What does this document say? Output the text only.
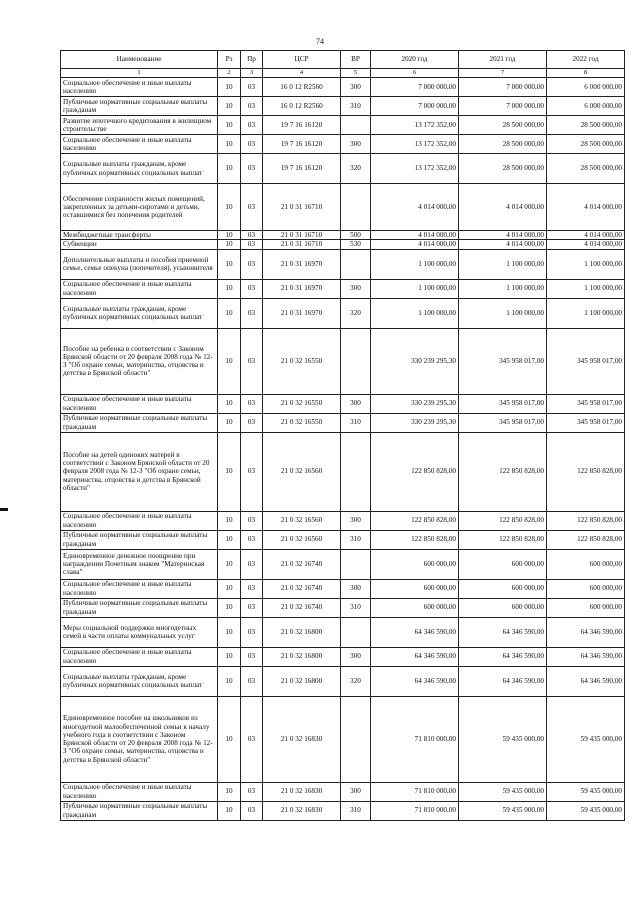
74
Наименование	Рз	Пр	ЦСР	ВР	2020 год	2021 год	2022 год
1	2	3	4	5	6	7	8
Социальное обеспечение и иные выплаты населению	10	03	16 0 12 R2560	300	7 000 000,00	7 000 000,00	6 000 000,00
Публичные нормативные социальные выплаты гражданам	10	03	16 0 12 R2560	310	7 000 000,00	7 000 000,00	6 000 000,00
Развитие ипотечного кредитования в жилищном строительстве	10	03	19 7 16 16120		13 172 352,00	28 500 000,00	28 500 000,00
Социальное обеспечение и иные выплаты населению	10	03	19 7 16 16120	300	13 172 352,00	28 500 000,00	28 500 000,00
Социальные выплаты гражданам, кроме публичных нормативных социальных выплат	10	03	19 7 16 16120	320	13 172 352,00	28 500 000,00	28 500 000,00
Обеспечение сохранности жилых помещений, закрепленных за детьми-сиротами и детьми, оставшимися без попечения родителей	10	03	21 0 31 16710		4 014 000,00	4 014 000,00	4 014 000,00
Межбюджетные трансферты	10	03	21 0 31 16710	500	4 014 000,00	4 014 000,00	4 014 000,00
Субвенции	10	03	21 0 31 16710	530	4 014 000,00	4 014 000,00	4 014 000,00
Дополнительные выплаты и пособия приемной семье, семье опекуна (попечителя), усыновителя	10	03	21 0 31 16970		1 100 000,00	1 100 000,00	1 100 000,00
Социальное обеспечение и иные выплаты населению	10	03	21 0 31 16970	300	1 100 000,00	1 100 000,00	1 100 000,00
Социальные выплаты гражданам, кроме публичных нормативных социальных выплат	10	03	21 0 31 16970	320	1 100 000,00	1 100 000,00	1 100 000,00
Пособие на ребенка в соответствии с Законом Брянской области от 20 февраля 2008 года № 12-З "Об охране семьи, материнства, отцовства и детства в Брянской области"	10	03	21 0 32 16550		330 239 295,30	345 958 017,00	345 958 017,00
Социальное обеспечение и иные выплаты населению	10	03	21 0 32 16550	300	330 239 295,30	345 958 017,00	345 958 017,00
Публичные нормативные социальные выплаты гражданам	10	03	21 0 32 16550	310	330 239 295,30	345 958 017,00	345 958 017,00
Пособие на детей одиноких матерей в соответствии с Законом Брянской области от 20 февраля 2008 года № 12-З "Об охране семьи, материнства, отцовства и детства в Брянской области"	10	03	21 0 32 16560		122 850 828,00	122 850 828,00	122 850 828,00
Социальное обеспечение и иные выплаты населению	10	03	21 0 32 16560	300	122 850 828,00	122 850 828,00	122 850 828,00
Публичные нормативные социальные выплаты гражданам	10	03	21 0 32 16560	310	122 850 828,00	122 850 828,00	122 850 828,00
Единовременное денежное поощрение при награждении Почетным знаком "Материнская слава"	10	03	21 0 32 16740		600 000,00	600 000,00	600 000,00
Социальное обеспечение и иные выплаты населению	10	03	21 0 32 16740	300	600 000,00	600 000,00	600 000,00
Публичные нормативные социальные выплаты гражданам	10	03	21 0 32 16740	310	600 000,00	600 000,00	600 000,00
Меры социальной поддержки многодетных семей в части оплаты коммунальных услуг	10	03	21 0 32 16800		64 346 590,00	64 346 590,00	64 346 590,00
Социальное обеспечение и иные выплаты населению	10	03	21 0 32 16800	300	64 346 590,00	64 346 590,00	64 346 590,00
Социальные выплаты гражданам, кроме публичных нормативных социальных выплат	10	03	21 0 32 16800	320	64 346 590,00	64 346 590,00	64 346 590,00
Единовременное пособие на школьников из многодетной малообеспеченной семьи к началу учебного года в соответствии с Законом Брянской области от 20 февраля 2008 года № 12-З "Об охране семьи, материнства, отцовства и детства в Брянской области"	10	03	21 0 32 16830		71 810 000,00	59 435 000,00	59 435 000,00
Социальное обеспечение и иные выплаты населению	10	03	21 0 32 16830	300	71 810 000,00	59 435 000,00	59 435 000,00
Публичные нормативные социальные выплаты гражданам	10	03	21 0 32 16830	310	71 810 000,00	59 435 000,00	59 435 000,00
